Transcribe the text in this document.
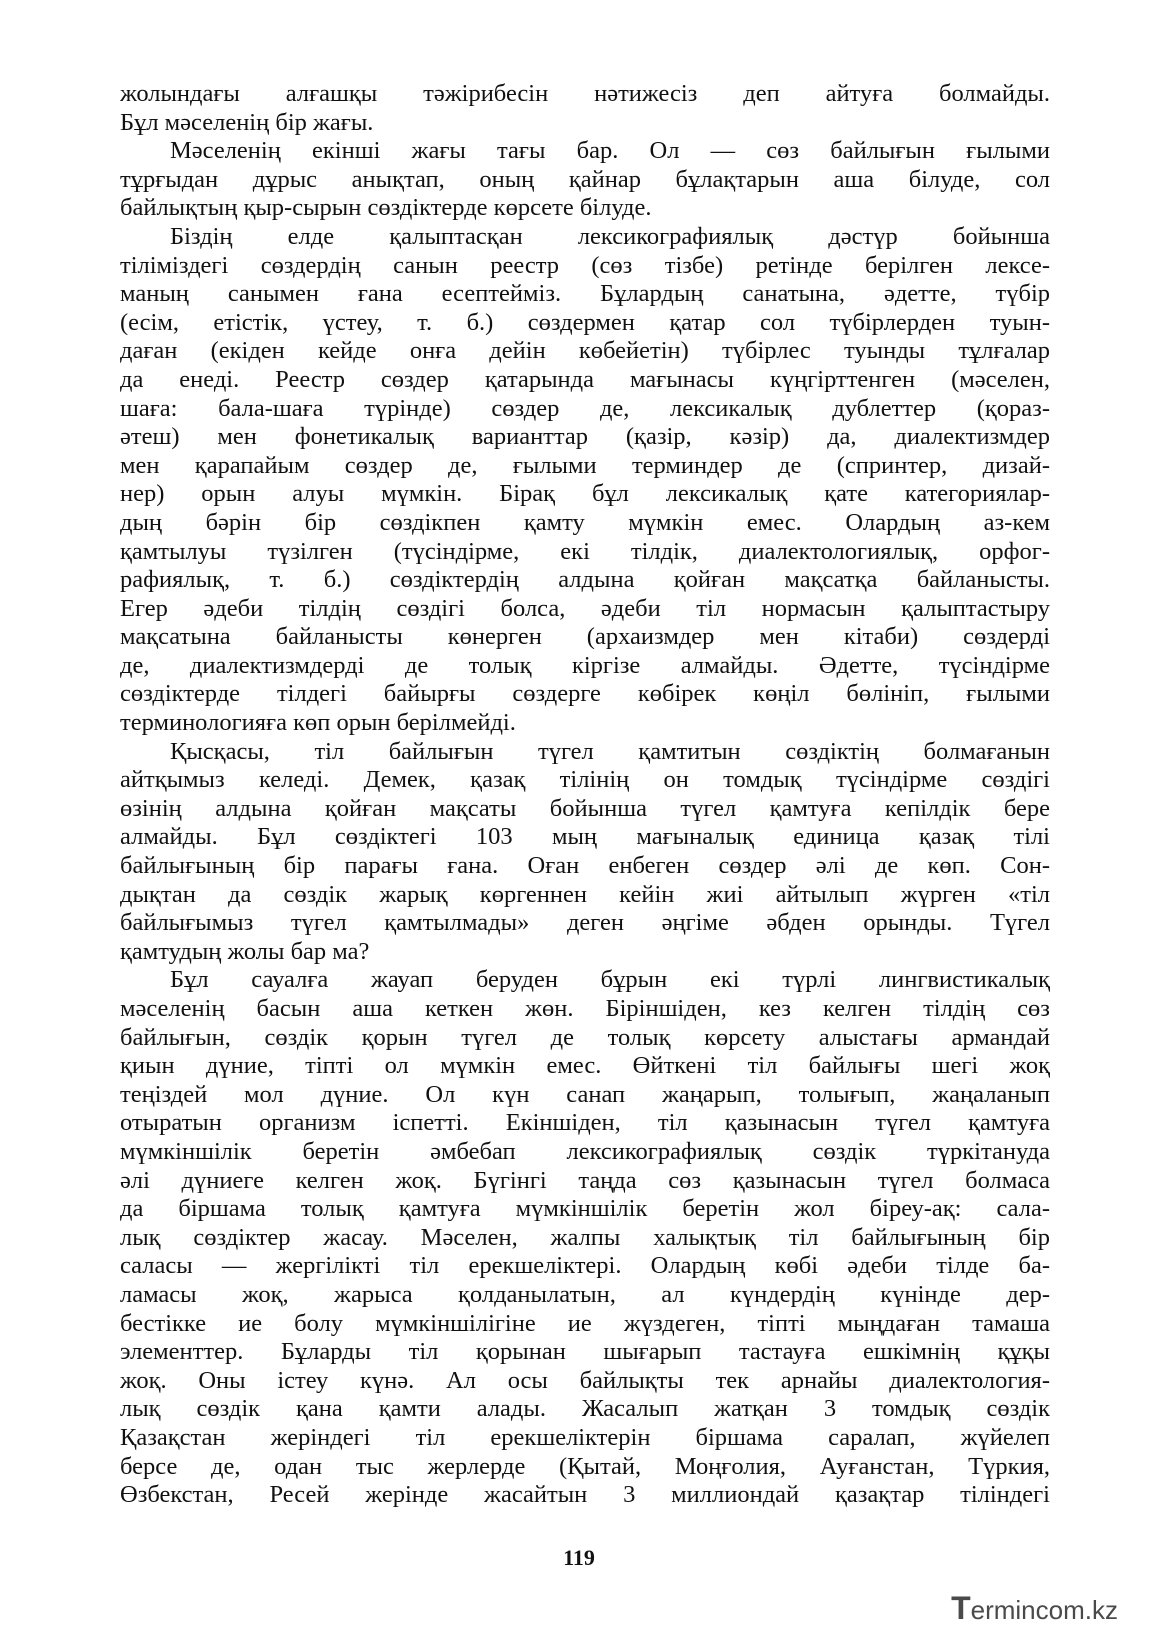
жолындағы алғашқы тәжірибесін нәтижесіз деп айтуға болмайды.
Бұл мәселенің бір жағы.
Мәселенің екінші жағы тағы бар. Ол — сөз байлығын ғылыми
тұрғыдан дұрыс анықтап, оның қайнар бұлақтарын аша білуде, сол
байлықтың қыр-сырын сөздіктерде көрсете білуде.
Біздің елде қалыптасқан лексикографиялық дәстүр бойынша
тіліміздегі сөздердің санын реестр (сөз тізбе) ретінде берілген лексе-
маның санымен ғана есептейміз. Бұлардың санатына, әдетте, түбір
(есім, етістік, үстеу, т. б.) сөздермен қатар сол түбірлерден туын-
даған (екіден кейде онға дейін көбейетін) түбірлес туынды тұлғалар
да енеді. Реестр сөздер қатарында мағынасы күңгірттенген (мәселен,
шаға: бала-шаға түрінде) сөздер де, лексикалық дублеттер (қораз-
әтеш) мен фонетикалық варианттар (қазір, кәзір) да, диалектизмдер
мен қарапайым сөздер де, ғылыми терминдер де (спринтер, дизай-
нер) орын алуы мүмкін. Бірақ бұл лексикалық қате категориялар-
дың бәрін бір сөздікпен қамту мүмкін емес. Олардың аз-кем
қамтылуы түзілген (түсіндірме, екі тілдік, диалектологиялық, орфог-
рафиялық, т. б.) сөздіктердің алдына қойған мақсатқа байланысты.
Егер әдеби тілдің сөздігі болса, әдеби тіл нормасын қалыптастыру
мақсатына байланысты көнерген (архаизмдер мен кітаби) сөздерді
де, диалектизмдерді де толық кіргізе алмайды. Әдетте, түсіндірме
сөздіктерде тілдегі байырғы сөздерге көбірек көңіл бөлініп, ғылыми
терминологияға көп орын берілмейді.
Қысқасы, тіл байлығын түгел қамтитын сөздіктің болмағанын
айтқымыз келеді. Демек, қазақ тілінің он томдық түсіндірме сөздігі
өзінің алдына қойған мақсаты бойынша түгел қамтуға кепілдік бере
алмайды. Бұл сөздіктегі 103 мың мағыналық единица қазақ тілі
байлығының бір парағы ғана. Оған енбеген сөздер әлі де көп. Сон-
дықтан да сөздік жарық көргеннен кейін жиі айтылып жүрген «тіл
байлығымыз түгел қамтылмады» деген әңгіме әбден орынды. Түгел
қамтудың жолы бар ма?
Бұл сауалға жауап беруден бұрын екі түрлі лингвистикалық
мәселенің басын аша кеткен жөн. Біріншіден, кез келген тілдің сөз
байлығын, сөздік қорын түгел де толық көрсету алыстағы армандай
қиын дүние, тіпті ол мүмкін емес. Өйткені тіл байлығы шегі жоқ
теңіздей мол дүние. Ол күн санап жаңарып, толығып, жаңаланып
отыратын организм іспетті. Екіншіден, тіл қазынасын түгел қамтуға
мүмкіншілік беретін әмбебап лексикографиялық сөздік түркітануда
әлі дүниеге келген жоқ. Бүгінгі таңда сөз қазынасын түгел болмаса
да біршама толық қамтуға мүмкіншілік беретін жол біреу-ақ: сала-
лық сөздіктер жасау. Мәселен, жалпы халықтық тіл байлығының бір
саласы — жергілікті тіл ерекшеліктері. Олардың көбі әдеби тілде ба-
ламасы жоқ, жарыса қолданылатын, ал күндердің күнінде дер-
бестікке ие болу мүмкіншілігіне ие жүздеген, тіпті мыңдаған тамаша
элементтер. Бұларды тіл қорынан шығарып тастауға ешкімнің құқы
жоқ. Оны істеу күнә. Ал осы байлықты тек арнайы диалектология-
лық сөздік қана қамти алады. Жасалып жатқан 3 томдық сөздік
Қазақстан жеріндегі тіл ерекшеліктерін біршама саралап, жүйелеп
берсе де, одан тыс жерлерде (Қытай, Моңғолия, Ауғанстан, Түркия,
Өзбекстан, Ресей жерінде жасайтын 3 миллиондай қазақтар тіліндегі
119
Termincom.kz
